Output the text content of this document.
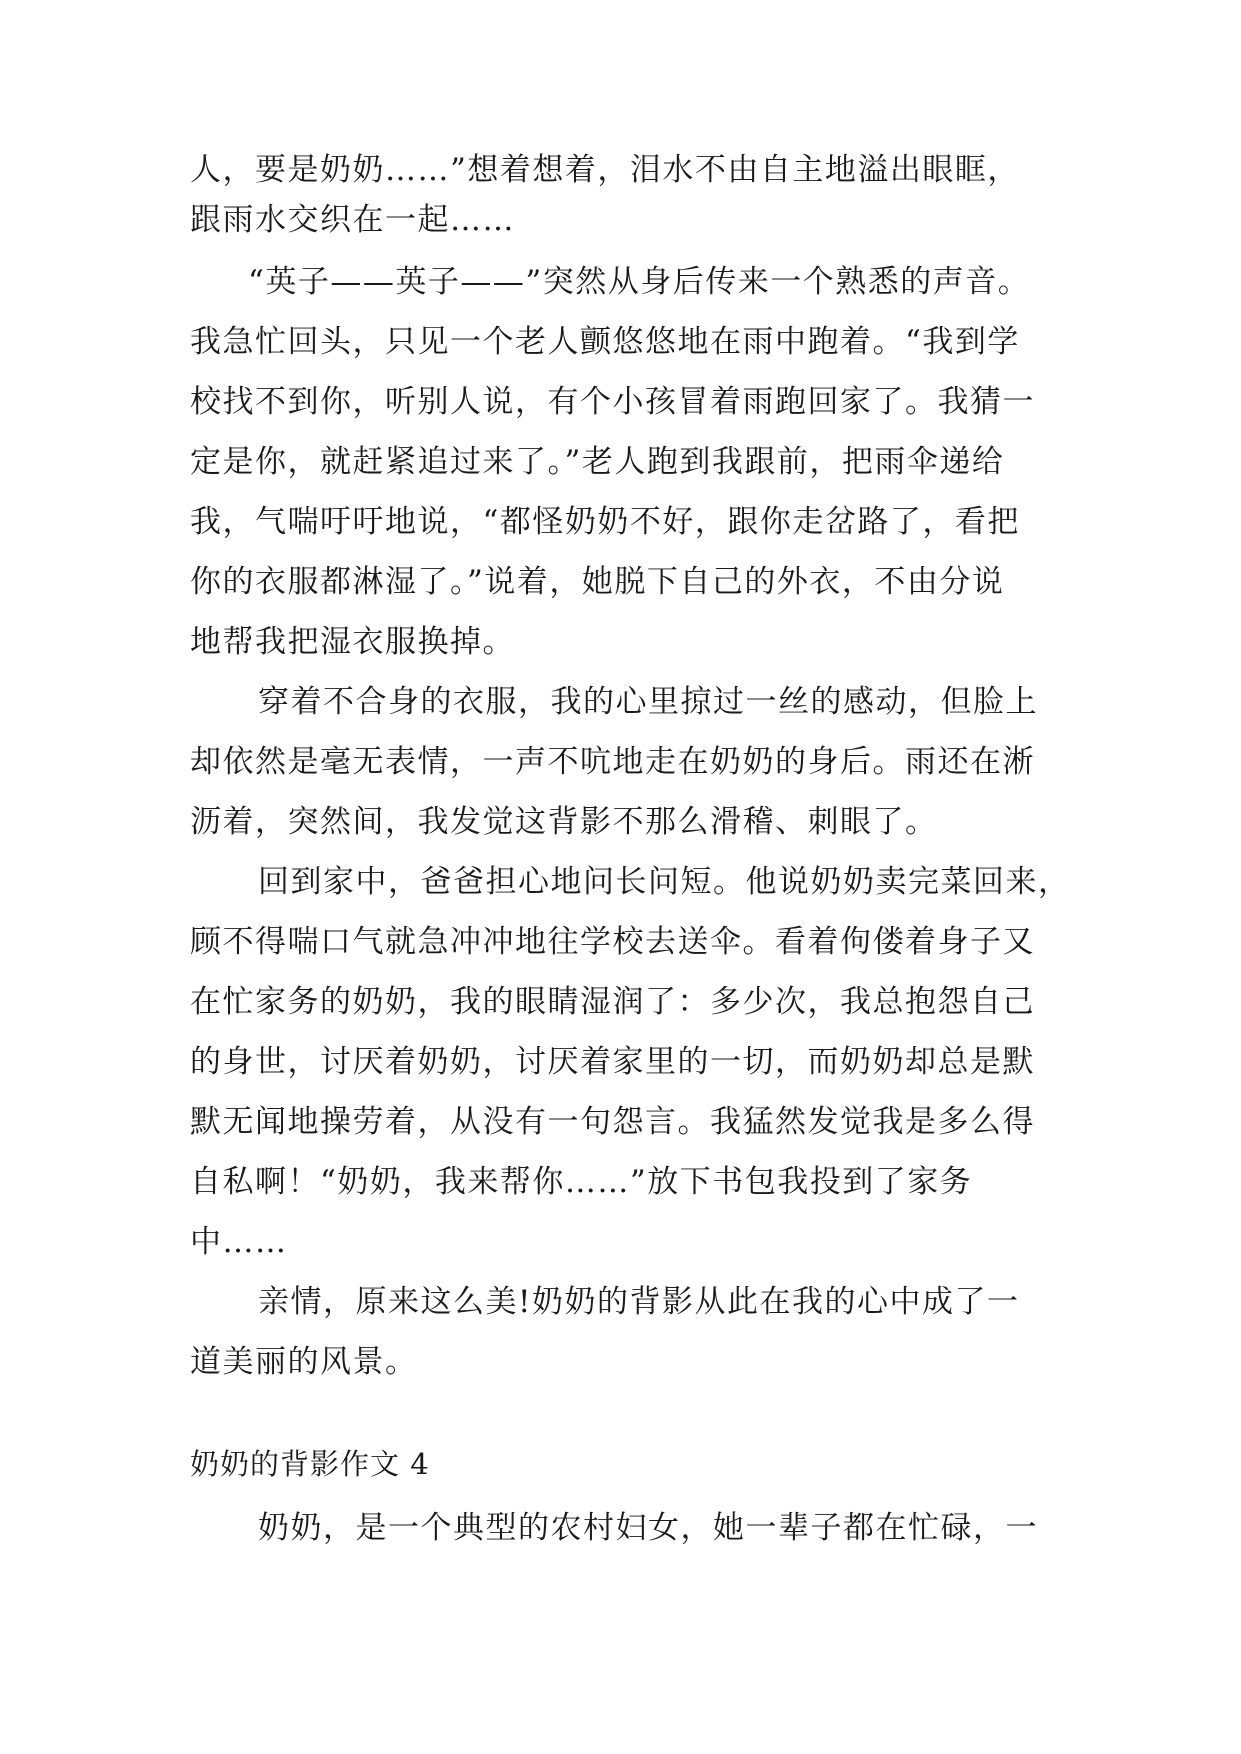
人，要是奶奶……”想着想着，泪水不由自主地溢出眼眶，
跟雨水交织在一起……
“英子——英子——”突然从身后传来一个熟悉的声音。
我急忙回头，只见一个老人颤悠悠地在雨中跑着。“我到学
校找不到你，听别人说，有个小孩冒着雨跑回家了。我猜一
定是你，就赶紧追过来了。”老人跑到我跟前，把雨伞递给
我，气喘吁吁地说，“都怪奶奶不好，跟你走岔路了，看把
你的衣服都淋湿了。”说着，她脱下自己的外衣，不由分说
地帮我把湿衣服换掉。
穿着不合身的衣服，我的心里掠过一丝的感动，但脸上
却依然是毫无表情，一声不吭地走在奶奶的身后。雨还在淅
沥着，突然间，我发觉这背影不那么滑稽、刺眼了。
回到家中，爸爸担心地问长问短。他说奶奶卖完菜回来，
顾不得喘口气就急冲冲地往学校去送伞。看着佝偻着身子又
在忙家务的奶奶，我的眼睛湿润了：多少次，我总抱怨自己
的身世，讨厌着奶奶，讨厌着家里的一切，而奶奶却总是默
默无闻地操劳着，从没有一句怨言。我猛然发觉我是多么得
自私啊！“奶奶，我来帮你……”放下书包我投到了家务
中……
亲情，原来这么美!奶奶的背影从此在我的心中成了一
道美丽的风景。
奶奶的背影作文 4
奶奶，是一个典型的农村妇女，她一辈子都在忙碌，一
